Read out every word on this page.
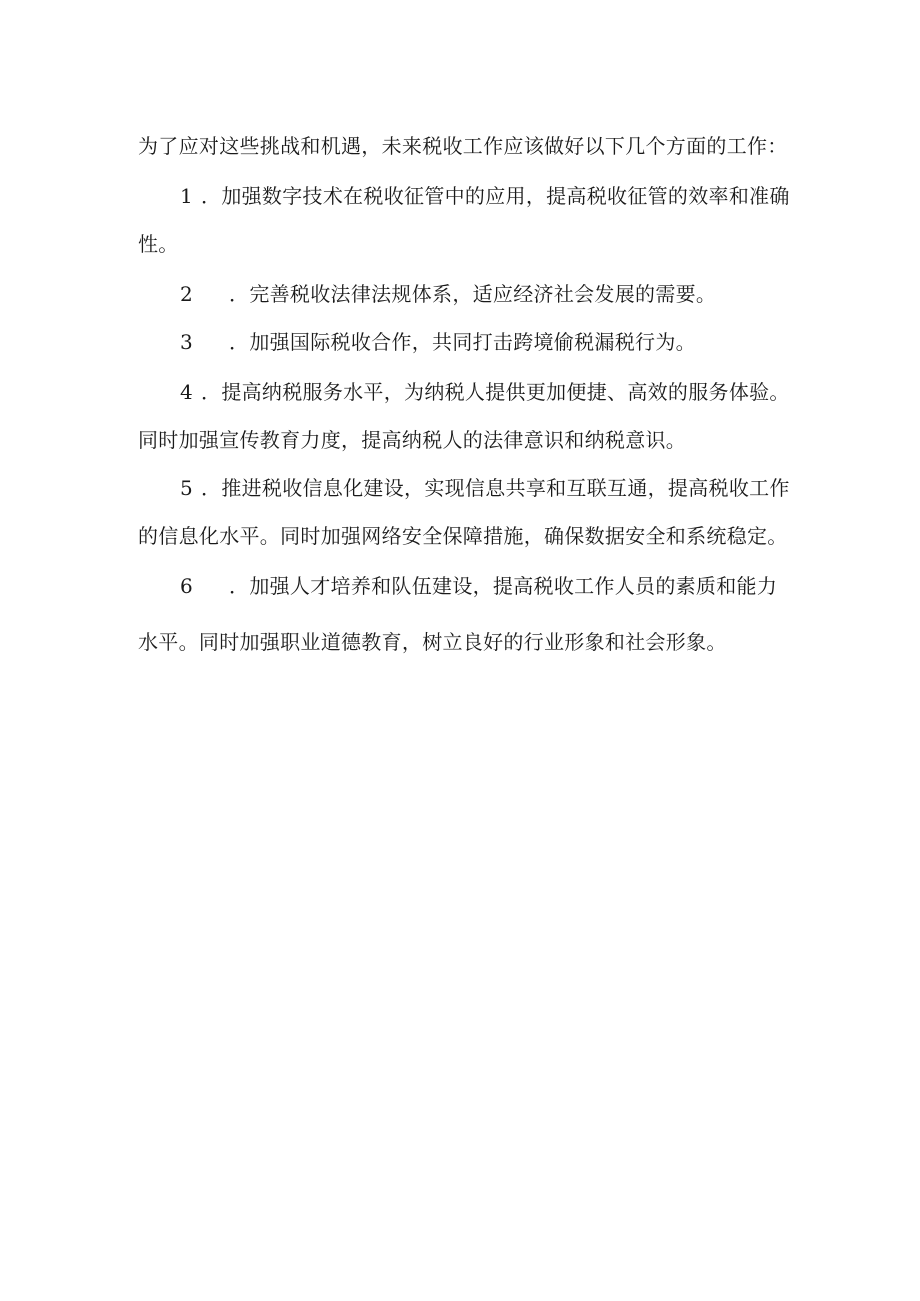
为了应对这些挑战和机遇，未来税收工作应该做好以下几个方面的工作：
1 ．加强数字技术在税收征管中的应用，提高税收征管的效率和准确
性。
2 ．完善税收法律法规体系，适应经济社会发展的需要。
3 ．加强国际税收合作，共同打击跨境偷税漏税行为。
4 ．提高纳税服务水平，为纳税人提供更加便捷、高效的服务体验。
同时加强宣传教育力度，提高纳税人的法律意识和纳税意识。
5 ．推进税收信息化建设，实现信息共享和互联互通，提高税收工作
的信息化水平。同时加强网络安全保障措施，确保数据安全和系统稳定。
6 ．加强人才培养和队伍建设，提高税收工作人员的素质和能力
水平。同时加强职业道德教育，树立良好的行业形象和社会形象。
